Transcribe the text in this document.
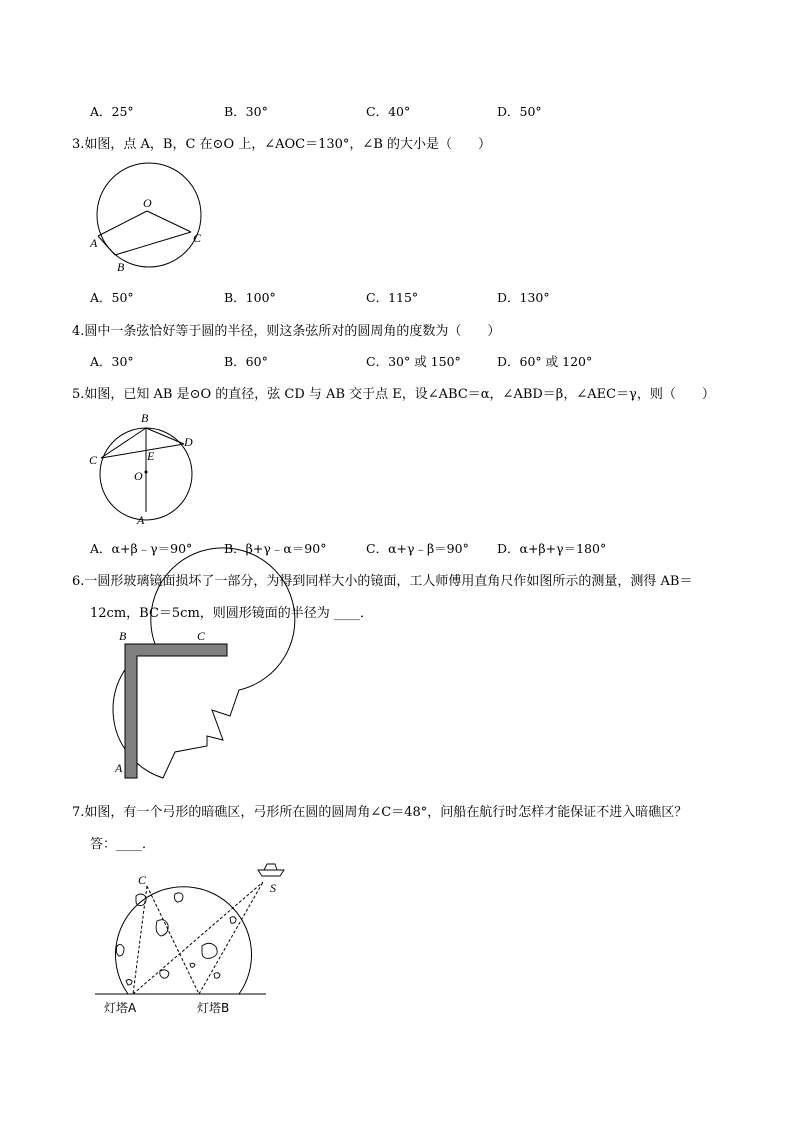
A．25°	B．30°	C．40°	D．50°
3.如图，点 A，B，C 在⊙O 上，∠AOC＝130°，∠B 的大小是（　　）
O
A
B
C
A．50°	B．100°	C．115°	D．130°
4.圆中一条弦恰好等于圆的半径，则这条弦所对的圆周角的度数为（　　）
A．30°	B．60°	C．30° 或 150°	D．60° 或 120°
5.如图，已知 AB 是⊙O 的直径，弦 CD 与 AB 交于点 E，设∠ABC＝α，∠ABD＝β，∠AEC＝γ，则（　　）
B
C
D
E
O
A
A．α+β﹣γ＝90°	B．β+γ﹣α＝90°	C．α+γ﹣β＝90° D．α+β+γ＝180°
6.一圆形玻璃镜面损坏了一部分，为得到同样大小的镜面，工人师傅用直角尺作如图所示的测量，测得 AB＝
12cm，BC＝5cm，则圆形镜面的半径为 ____．
B	C
A
7.如图，有一个弓形的暗礁区，弓形所在圆的圆周角∠C＝48°，问船在航行时怎样才能保证不进入暗礁区？
答：____．
C
S
灯塔A	灯塔B
